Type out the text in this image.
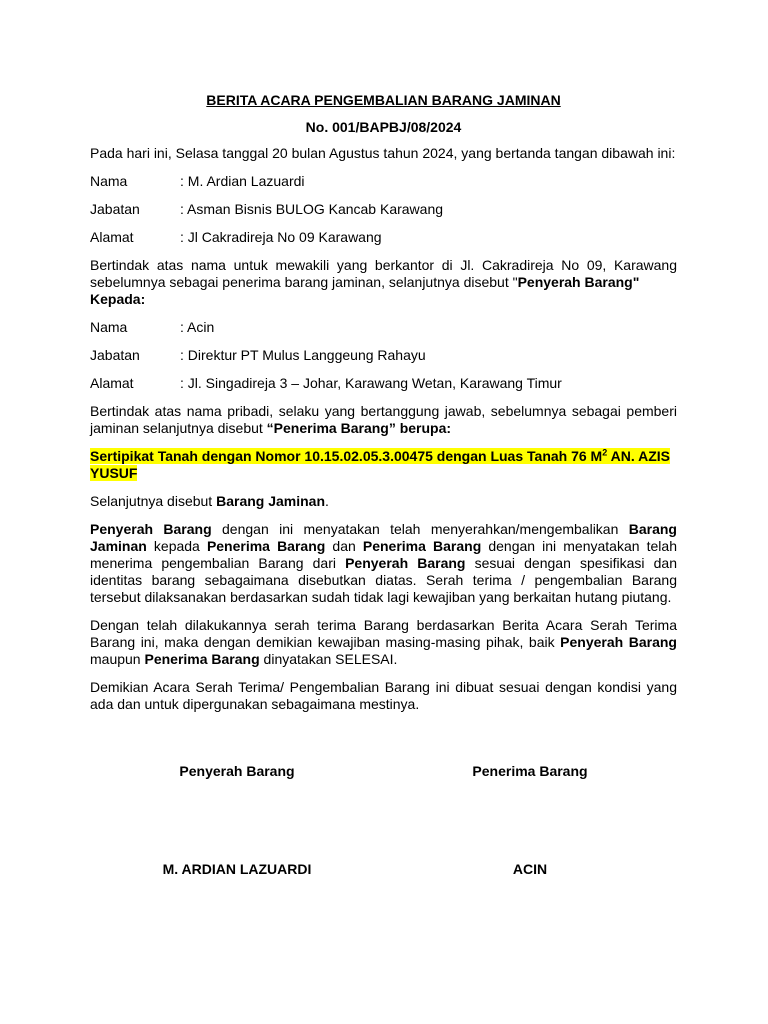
BERITA ACARA PENGEMBALIAN BARANG JAMINAN

No. 001/BAPBJ/08/2024

Pada hari ini, Selasa tanggal 20 bulan Agustus tahun 2024, yang bertanda tangan dibawah ini:

Nama	: M. Ardian Lazuardi
Jabatan	: Asman Bisnis BULOG Kancab Karawang
Alamat	: Jl Cakradireja No 09 Karawang

Bertindak atas nama untuk mewakili yang berkantor di Jl. Cakradireja No 09, Karawang sebelumnya sebagai penerima barang jaminan, selanjutnya disebut "Penyerah Barang"
Kepada:

Nama	: Acin
Jabatan	: Direktur PT Mulus Langgeung Rahayu
Alamat	: Jl. Singadireja 3 – Johar, Karawang Wetan, Karawang Timur

Bertindak atas nama pribadi, selaku yang bertanggung jawab, sebelumnya sebagai pemberi jaminan selanjutnya disebut “Penerima Barang” berupa:

Sertipikat Tanah dengan Nomor 10.15.02.05.3.00475 dengan Luas Tanah 76 $M^2$ AN. AZIS YUSUF

Selanjutnya disebut Barang Jaminan.

Penyerah Barang dengan ini menyatakan telah menyerahkan/mengembalikan Barang Jaminan kepada Penerima Barang dan Penerima Barang dengan ini menyatakan telah menerima pengembalian Barang dari Penyerah Barang sesuai dengan spesifikasi dan identitas barang sebagaimana disebutkan diatas. Serah terima / pengembalian Barang tersebut dilaksanakan berdasarkan sudah tidak lagi kewajiban yang berkaitan hutang piutang.

Dengan telah dilakukannya serah terima Barang berdasarkan Berita Acara Serah Terima Barang ini, maka dengan demikian kewajiban masing-masing pihak, baik Penyerah Barang maupun Penerima Barang dinyatakan SELESAI.

Demikian Acara Serah Terima/ Pengembalian Barang ini dibuat sesuai dengan kondisi yang ada dan untuk dipergunakan sebagaimana mestinya.

Penyerah Barang	Penerima Barang
M. ARDIAN LAZUARDI	ACIN
